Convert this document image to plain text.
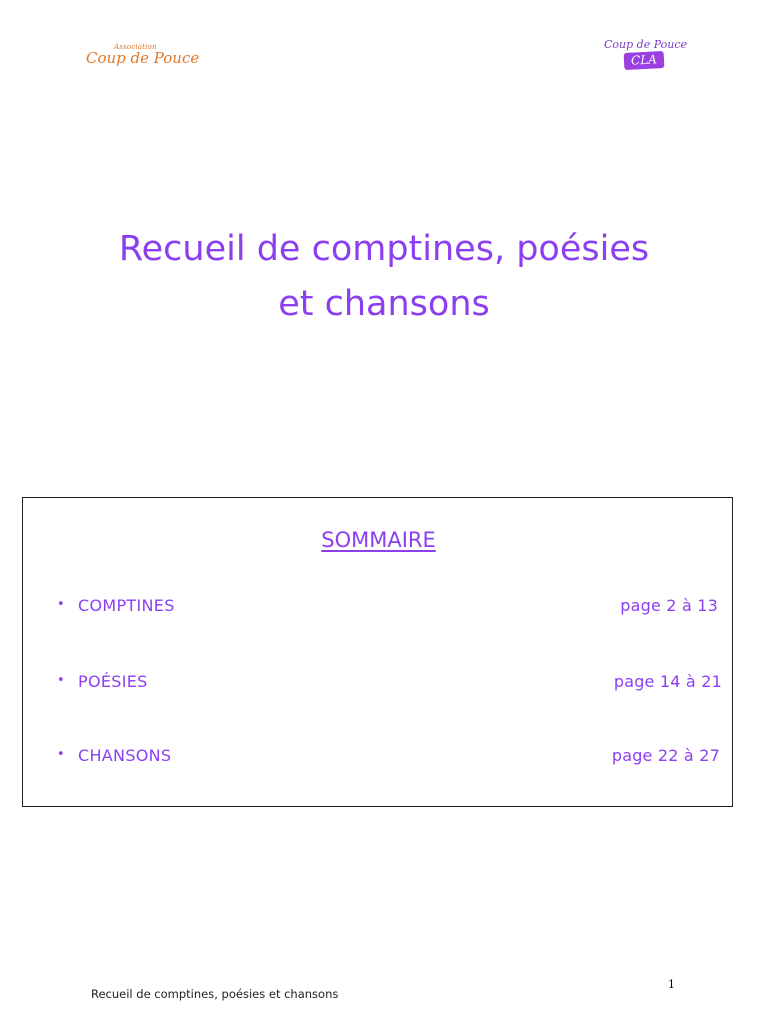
Association
Coup de Pouce
Coup de Pouce
CLA
Recueil de comptines, poésies
et chansons
SOMMAIRE
• COMPTINES	page 2 à 13
• POÉSIES	page 14 à 21
• CHANSONS	page 22 à 27
1
Recueil de comptines, poésies et chansons
